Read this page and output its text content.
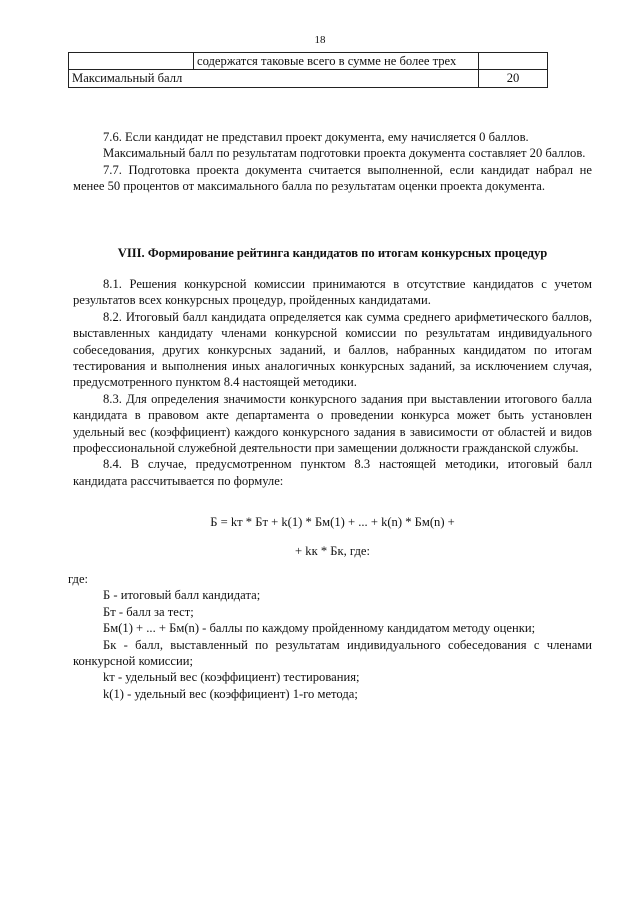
18
	содержатся таковые всего в сумме не более трех	
Максимальный балл		20

7.6. Если кандидат не представил проект документа, ему начисляется 0 баллов.

Максимальный балл по результатам подготовки проекта документа составляет 20 баллов.

7.7. Подготовка проекта документа считается выполненной, если кандидат набрал не менее 50 процентов от максимального балла по результатам оценки проекта документа.

VIII. Формирование рейтинга кандидатов по итогам конкурсных процедур

8.1. Решения конкурсной комиссии принимаются в отсутствие кандидатов с учетом результатов всех конкурсных процедур, пройденных кандидатами.

8.2. Итоговый балл кандидата определяется как сумма среднего арифметического баллов, выставленных кандидату членами конкурсной комиссии по результатам индивидуального собеседования, других конкурсных заданий, и баллов, набранных кандидатом по итогам тестирования и выполнения иных аналогичных конкурсных заданий, за исключением случая, предусмотренного пунктом 8.4 настоящей методики.

8.3. Для определения значимости конкурсного задания при выставлении итогового балла кандидата в правовом акте департамента о проведении конкурса может быть установлен удельный вес (коэффициент) каждого конкурсного задания в зависимости от областей и видов профессиональной служебной деятельности при замещении должности гражданской службы.

8.4. В случае, предусмотренном пунктом 8.3 настоящей методики, итоговый балл кандидата рассчитывается по формуле:

Б = kт * Бт + k(1) * Бм(1) + ... + k(n) * Бм(n) +

+ kк * Бк, где:

где:

Б - итоговый балл кандидата;

Бт - балл за тест;

Бм(1) + ... + Бм(n) - баллы по каждому пройденному кандидатом методу оценки;

Бк - балл, выставленный по результатам индивидуального собеседования с членами конкурсной комиссии;

kт - удельный вес (коэффициент) тестирования;

k(1) - удельный вес (коэффициент) 1-го метода;
